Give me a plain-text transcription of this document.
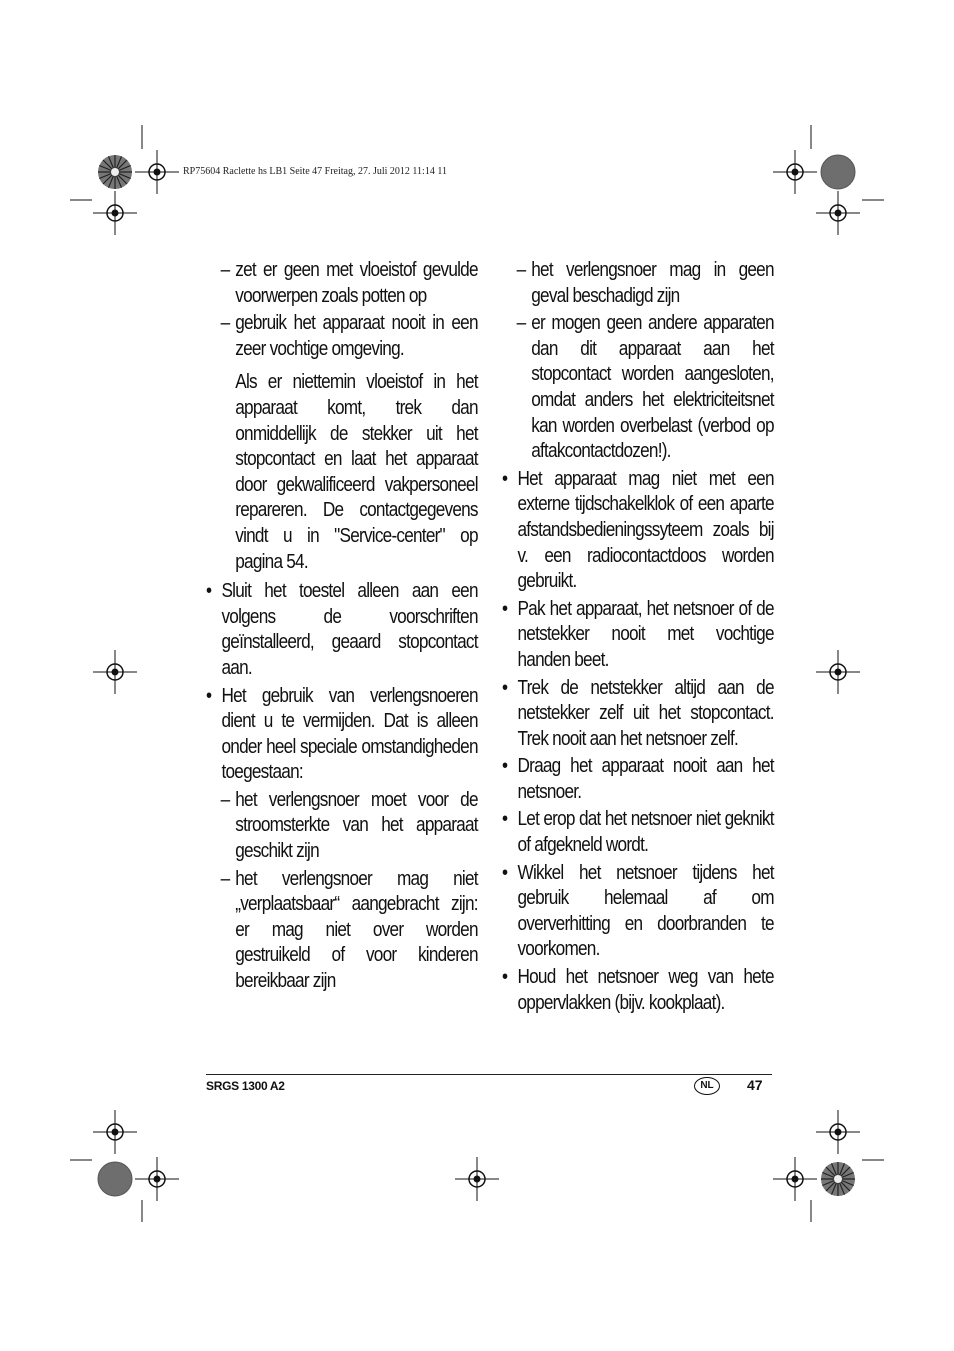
RP75604 Raclette hs LB1 Seite 47 Freitag, 27. Juli 2012 11:14 11
– zet er geen met vloeistof gevulde voorwerpen zoals potten op
– gebruik het apparaat nooit in een zeer vochtige omgeving.
Als er niettemin vloeistof in het apparaat komt, trek dan onmiddellijk de stekker uit het stopcontact en laat het apparaat door gekwalificeerd vakpersoneel repareren. De contactgegevens vindt u in "Service-center" op pagina 54.
• Sluit het toestel alleen aan een volgens de voorschriften geïnstalleerd, geaard stopcontact aan.
• Het gebruik van verlengsnoeren dient u te vermijden. Dat is alleen onder heel speciale omstandigheden toegestaan:
– het verlengsnoer moet voor de stroomsterkte van het apparaat geschikt zijn
– het verlengsnoer mag niet „verplaatsbaar“ aangebracht zijn: er mag niet over worden gestruikeld of voor kinderen bereikbaar zijn
– het verlengsnoer mag in geen geval beschadigd zijn
– er mogen geen andere apparaten dan dit apparaat aan het stopcontact worden aangesloten, omdat anders het elektriciteitsnet kan worden overbelast (verbod op aftakcontactdozen!).
• Het apparaat mag niet met een externe tijdschakelklok of een aparte afstandsbedieningssyteem zoals bij v. een radiocontactdoos worden gebruikt.
• Pak het apparaat, het netsnoer of de netstekker nooit met vochtige handen beet.
• Trek de netstekker altijd aan de netstekker zelf uit het stopcontact. Trek nooit aan het netsnoer zelf.
• Draag het apparaat nooit aan het netsnoer.
• Let erop dat het netsnoer niet geknikt of afgekneld wordt.
• Wikkel het netsnoer tijdens het gebruik helemaal af om oververhitting en doorbranden te voorkomen.
• Houd het netsnoer weg van hete oppervlakken (bijv. kookplaat).
SRGS 1300 A2	NL	47
